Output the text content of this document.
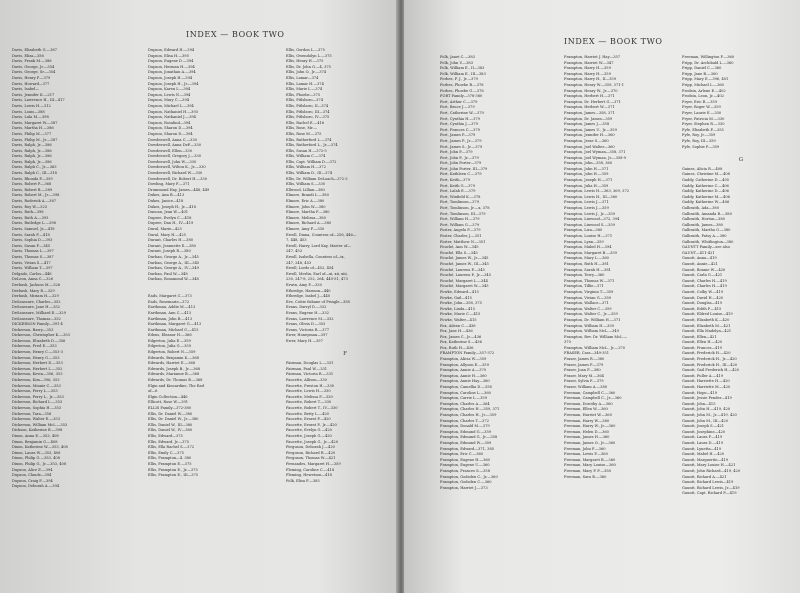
INDEX — BOOK TWO
Davis, Elizabeth G.—387
Davis, Eliza—356
Davis, Frank M.—388
Davis, George, Jr.—354
Davis, George, Sr.—354
Davis, Henry F.—379
Davis, Howard—377
Davis, Isabel—
Davis, Jennifer K.—217
Davis, Lawrence H., III—417
Davis, Lewis H.—312
Davis, Louis—388
Davis, Lula M.—398
Davis, Margaret W.—387
Davis, Martha H.—386
Davis, Philip M.—377
Davis, Philip M., Jr.—387
Davis, Ralph, Jr.—386
Davis, Ralph, Jr.—386
Davis, Ralph, Jr.—386
Davis, Ralph, Jr.—386
Davis, Ralph C., Jr.—363
Davis, Ralph C., III—318
Davis, Rhonda P.—359
Davis, Robert P.—368
Davis, Robert B.—389
Davis, Robert M., Jr.—398
Davis, Roderick A.—387
Davis, Roy W.—323
Davis, Ruth—398
Davis, Ruth A.—393
Davis, Rutledge L.—398
Davis, Samuel, Jr.—418
Davis, Sarah F.—418
Davis, Sophia D.—393
Davis, Susan F.—345
Davis, Thomas L.—397
Davis, Thomas S.—387
Davis, Vivian S.—417
Davis, William T.—397
Delgado, Carlos—446
DeLeon, Anna C.—326
Derbash, Jackson M.—326
Derbash, Mary R.—329
Derbash, Miriam H.—329
DeSaussure, Charles—352
DeSaussure, Jane H.—352
DeSaussure, Milliard E.—329
DeSaussure, Thomas—352
DICKERSON Family—391-4
Dickerson, Barry—353
Dickerson, Christopher K.—353
Dickerson, Elizabeth D.—356
Dickerson, Fred E.—353
Dickerson, Henry C.—353-3
Dickerson, Henry G.—353
Dickerson, Herbert D.—353
Dickerson, Herbert L.—352
Dickerson, Kevin—356, 353
Dickerson, Kim—396, 353
Dickerson, Minnie C.—353
Dickerson, Perry L.—353
Dickerson, Perry L., Jr.—353
Dickerson, Richard L.—353
Dickerson, Sophia H.—353
Dickerson, Tara—356
Dickerson, Walter E.—353
Dickerson, William McL.—353
Dickson, Katherine B.—398
Dixon, Anna E.—353, 408
Dixon, Benjamin G.—408
Dixon, Katherine W.—353, 408
Dixon, Laura W.—353, 408
Dixon, Philip G.—353, 408
Dixon, Philip G., Jr.—353, 408
Dupson, Alice E.—394
Dupson, Claude—394
Dupson, Craig F.—394
Dupson, Deborah A.—394
Dupson, Edward H.—394
Dupson, Elisa H.—395
Dupson, Eugene D.—394
Dupson, Herman H.—394
Dupson, Jonathan A.—394
Dupson, Joseph H.—394
Dupson, Joseph H., Jr.—394
Dupson, Karen L.—394
Dupson, Lewis N.—394
Dupson, Mary C.—394
Dupson, Michael L.—394
Dupson, Nathaniel H.—393
Dupson, Nathaniel J.—394
Dupson, Rosalind—394
Dupson, Sharon D.—394
Dupson, Sharon D.—394
Dowdeswell, Anna C.—330
Dowdeswell, Anna DeP.—330
Dowdeswell, Ellen—330
Dowdeswell, Gregory J.—330
Dowdeswell, John W.—330
Dowdeswell, Wilton K., Jr.—330
Dowdeswell, Richard W.—330
Dowdeswell, Dr. Robert H.—330
Dowling, Mary F.—371
Drummond Hay, James—448, 449
Dukes, Ann B.—413
Dukes, Janice—418
Dukes, Joseph H., Jr.—418
Duncan, Jean W.—401
Dupree, Evelyn C.—418
Dupree, Dan H., IV—419
Dural, Marie—425
Dural, Mary H.—425
Durant, Charles H.—380
Durant, Jeannette E.—380
Durant, Joseph R.—380
Durban, George A., Jr.—345
Durban, George A., III—345
Durban, George A., IV—349
Durban, Paul W.—348
Durban, Rosamond W.—348
Eads, Margaret C.—373
Eads, Rosemarie—372
Earthman, Addie M.—413
Earthman, Ann C.—413
Earthman, John B.—413
Earthman, Margaret G.—413
Earthman, Michael G.—413
Edens, Eleanor H.—366
Edgerton, Julia E.—359
Edgerton, Julia G.—359
Edgerton, Robert N.—359
Edwards, Benjamin K.—368
Edwards, Harriet E.—368
Edwards, Joseph B., Jr.—368
Edwards, Marianne B.—368
Edwards, Dr. Thomas B.—368
Elgin and Kincardine, The Earl
of—6
Elgin Collection—446
Ellicott, Rose W.—391
ELLIS Family—372-380
Ellis, Dr. Daniel W.—380
Ellis, Dr. Daniel W., Jr.—380
Ellis, Daniel W., III—380
Ellis, Daniel W., IV—380
Ellis, Edward—375
Ellis, Edward, Jr.—375
Ellis, Ella Rachel S.—372
Ellis, Emily C.—375
Ellis, Frampton—4, 380
Ellis, Frampton E.—375
Ellis, Frampton E., Jr.—375
Ellis, Frampton E., III—375
Ellis, Gordon L.—375
Ellis, Gwendolyn L.—375
Ellis, Henry H.—375
Ellis, Dr. John O.—4, 375
Ellis, John O., Jr.—374
Ellis, Lamar—374
Ellis, Lamar H.—374
Ellis, Marie L.—374
Ellis, Phoebe—375
Ellis, Pitlsboro—374
Ellis, Pitlsboro, II—374
Ellis, Pitlsboro, III—374
Ellis, Pitlsboro, IV—375
Ellis, Rachel E.—416
Ellis, Rose, Mr.—
Ellis, Rose M.—375
Ellis, Rutherford L.—374
Ellis, Rutherford L., Jr.—374
Ellis, Susan H.—372-5
Ellis, William C.—374
Ellis, Capt. William D.—372
Ellis, William H.—372
Ellis, William D., III—374
Ellis, Dr. William DeLoach—372-3
Ellis, William S.—330
Ellwood, Lillian—380
Elmore, Brandi L.—380
Elmore, Eric A.—380
Elmore, John W.—380
Elmore, Martha F.—380
Elmore, Melissa—380
Elmore, Richard A.—380
Elmore, Amy F.—330
Erroll, Diana, Countess of—256, 446—
7, 448, 453
Erroll, Harry, Lord Kay, Master of—
247, 453
Erroll, Isabella, Countess of—ix,
247, 248, 453
Erroll, Lords of—452, 454
Erroll, Merlin, Earl of—xi, xii, xiii,
230, 247-8, 252, 264, 449-51, 473
Erwin, Amy F.—330
Ethredge, Harmon—440
Ethredge, Isabel J.—440
Eve, Cottie fisbane of Pringle—358
Evans, Darryl D.—332
Evans, Eugene H.—332
Evans, Lawrence M.—332
Evans, Olivia D.—353
Evans, Victoria R.—377
Ewer, Honeyman—397
Ewer, Mary H.—397
F
Fairman, Douglas L.—331
Fairman, Paul W.—331
Fairman, Victoria R.—331
Faucette, Allison—330
Faucette, Preston H.—330
Faucette, Lewis H.—330
Faucette, Melissa F.—330
Faucette, Robert T.—330
Faucette, Robert T., IV—330
Faucette, Betty L.—420
Faucette, Ernest P.—420
Faucette, Ernest P., Jr.—420
Faucette, Evelyn G.—420
Faucette, Joseph G.—420
Faucette, Joseph G., Jr.—420
Ferguson, Deborah J.—420
Ferguson, Richard R.—420
Ferguson, Thomas W.—421
Fernandes, Margaret H.—359
Fleming, Caroline C.—418
Fleming, Hewetson—418
Folk, Elisa F.—383
INDEX — BOOK TWO
Folk, Janet C.—383
Folk, John V.—383
Folk, William E., II—383
Folk, William E., III—383
Forbes, F. J., Jr.—379
Forbes, Phoebe B.—378
Forbes, Phoebe G.—378
FORT Family—378-380
Fort, Arthur C.—379
Fort, Bruce J.—379
Fort, Catherine W.—379
Fort, Cynthia H.—379
Fort, Cynthia J.—379
Fort, Frances C.—379
Fort, James P.—379
Fort, James P., Jr.—379
Fort, James S., Jr.—379
Fort, John P.—379
Fort, John P., Jr.—379
Fort, John Porter—379
Fort, John Porter, III—379
Fort, Kathleen C.—379
Fort, Keith—379
Fort, Keith G.—379
Fort, Lalah E.—379
Fort, Winfield K.—378
Fort, Tomlinson—379
Fort, Tomlinson, Jr.—x, 378
Fort, Tomlinson, III—379
Fort, William H.—379
Fort, William G.—379
Foster, Angela P.—379
Foster, Charles J.—351
Foster, Matthew N.—351
Fouché, Ann W.—345
Fouché, Ella S.—345
Fouché, James W., Jr.—345
Fouché, James W., III—345
Fouché, Laurens P.—345
Fouché, Laurens P., Jr.—345
Fouché, Margaret L.—344
Fouché, Margaret W.—345
Fowke, Edward—415
Fowke, Gail—415
Fowke, John—358, 375
Fowke, Linda—415
Fowke, Marie C.—415
Fowke, Walter—415
Fox, Aileen C.—436
Fox, Jane H.—436
Fox, James C., Jr.—436
Fox, Katherine S.—436
Fox, Ruth H.—436
FRAMPTON Family—357-372
Frampton, Alicia W.—359
Frampton, Allyson E.—359
Frampton, Annie A.—370
Frampton, Annie H.—360
Frampton, Annie Hay—360
Frampton, Camellia D.—358
Frampton, Caroline L.—360
Frampton, Carrie L.—359
Frampton, Charles A.—364
Frampton, Charles H.—359, 371
Frampton, Charles H., Jr.—359
Frampton, Charles T.—372
Frampton, Donald M.—379
Frampton, Edmund G.—359
Frampton, Edmund G., Jr.—358
Frampton, Edmund W.—359
Frampton, Edward—371, 385
Frampton, Eric C.—360
Frampton, Eugene H.—360
Frampton, Eugene U.—360
Frampton, Frances S.—358
Frampton, Godsden C., Jr.—360
Frampton, Godsden C.—360
Frampton, Harriet J.—373
Frampton, Harriet J. Hay—357
Frampton, Harriet W.—347
Frampton, Harry H.—359
Frampton, Harry H.—359
Frampton, Harry H., II—359
Frampton, Henry W.—359, 371-1
Frampton, Henry W., Jr.—370
Frampton, Herbert H.—371
Frampton, Dr. Herbert G.—371
Frampton, Herbert W.—371
Frampton, James—358, 371
Frampton, Dr. James—359
Frampton, James J.—358
Frampton, James U., Jr.—359
Frampton, Jennifer H.—360
Frampton, Jesse S.—360
Frampton, Joel Walter—360
Frampton, Joel Wyman—358, 371
Frampton, Joel Wyman, Jr.—358-9
Frampton, John—358, 360
Frampton, John H.—371
Frampton, John H.—359
Frampton, Joseph H.—371
Frampton, Julia H.—359
Frampton, Lewis H.—363, 369, 372
Frampton, Lewis H., III—360
Frampton, Lewis J.—371
Frampton, Lewis J.—359
Frampton, Lewis J., Jr.—359
Frampton, Linwood—372, 394
Frampton, Linwood S.—359
Frampton, Liza—360
Frampton, Louise H.—371
Frampton, Lynn—359
Frampton, Mabel H.—394
Frampton, Margaret B.—359
Frampton, Mary L.—360
Frampton, Ruth H.—381
Frampton, Sarah H.—381
Frampton, Terry—360
Frampton, Thomas W.—371
Frampton, Tillie—371
Frampton, Virginia T.—359
Frampton, Vivian G.—359
Frampton, Wallace—371
Frampton, Walter C.—359
Frampton, Walter C., Jr.—359
Frampton, Dr. William H.—371
Frampton, William H.—359
Frampton, William McL.—349
Frampton, Rev. Dr. William McL.—
370
Frampton, William McL., Jr.—370
FRASER, Cass—349-351
Fraser, James R.—380
Fraser, James P.—379
Fraser, Joan F.—380
Fraser, Mary M.—364
Fraser, Sylvia F.—379
Fraser, William A.—380
Freeman, Campbell C.—360
Freeman, Campbell C., Jr.—360
Freeman, Dorothy A.—360
Freeman, Ellen W.—360
Freeman, Harriet W.—360
Freeman, Harry W.—360
Freeman, Harry W., Jr.—360
Freeman, Helen D.—360
Freeman, James H.—360
Freeman, James O., Jr.—360
Freeman, John F.—360
Freeman, Lewis F.—360
Freeman, Margaret B.—360
Freeman, Mary Louise—360
Freeman, Mary P. F.—358
Freeman, Sara B.—360
Freeman, Willington F.—360
Fripp, Dr. Archibald L.—360
Fripp, Daniel C.—360
Fripp, Jane B.—360
Fripp, Mary E.—396, 401
Fripp, Michael L.—360
Frodsin, Arlene E.—402
Frodsin, Leon, Jr.—402
Fryer, Eric R.—359
Fryer, Roger W.—359
Fryer, Laurie E.—330
Fryer, Patricia M.—330
Fryer, Stephen R.—330
Fyfe, Elizabeth P.—355
Fyfe, Roy, Jr.—359
Fyfe, Roy, III—359
Fyfe, Sophie P.—359
G
Gaines, Alicia R.—408
Gaines, Christine M.—408
Gaddy, Catherine D.—405
Gaddy, Katherine C.—406
Gaddy, Katherine D.—406
Gaddy, Katherine M.—406
Gaddy, Katherine W.—406
Galbraith, Ada—380
Galbraith, Amanda R.—380
Galbraith, Horton—380
Galbraith, James—380
Galbraith, Martha G.—380
Galbraith, Patsy A.—380
Galbraith, Whitlington—380
GAUNTT Family—see also
GAUNT—411-421
Gauntt, Anna—419
Gauntt, Annie—421
Gauntt, Bonnie W.—420
Gauntt, Carla G.—421
Gauntt, Charles H.—419
Gauntt, Charles H.—419
Gauntt, Colby W.—419
Gauntt, David H.—420
Gauntt, Douglas—419
Gauntt, Edith F.—415
Gauntt, Eldred Louise—419
Gauntt, Elizabeth K.—420
Gauntt, Elizabeth M.—421
Gauntt, Ella Madelyn—421
Gauntt, Ellen—421
Gauntt, Ellen H.—420
Gauntt, Frances—419
Gauntt, Frederick H.—420
Gauntt, Frederick H., Jr.—420
Gauntt, Frederick H., III—420
Gauntt, Gail Frederick H.—420
Gauntt, Fuller A.—419
Gauntt, Harriette H.—420
Gauntt, Harriette M.—420
Gauntt, Hope—419
Gauntt, Jessie Pender—419
Gauntt, John—415
Gauntt, John H.—419, 420
Gauntt, John M., Jr.—419, 420
Gauntt, John M., III—420
Gauntt, Joseph S.—421
Gauntt, Josephine—420
Gauntt, Laura F.—419
Gauntt, Laura D.—419
Gauntt, Lynetta—419
Gauntt, Mabel H.—420
Gauntt, Marguerite—419
Gauntt, Mary Louise H.—421
Gauntt, John Richard—419, 420
Gauntt, Richard A.—421
Gauntt, Richard Lewis—419
Gauntt, Richard Lewis, Jr.—419
Gauntt, Capt. Richard P.—419
